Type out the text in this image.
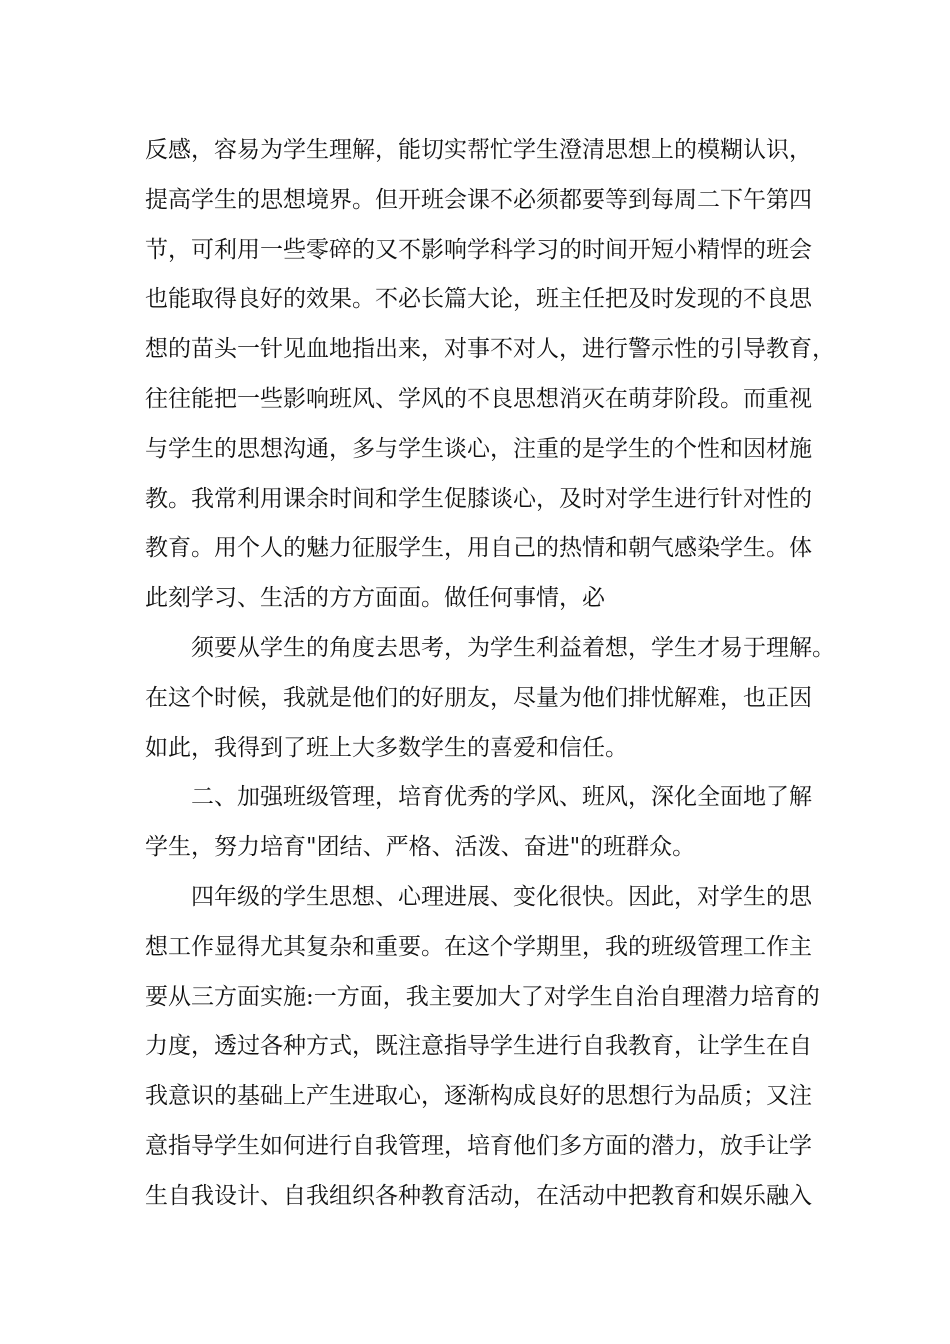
反感，容易为学生理解，能切实帮忙学生澄清思想上的模糊认识，
提高学生的思想境界。但开班会课不必须都要等到每周二下午第四
节，可利用一些零碎的又不影响学科学习的时间开短小精悍的班会
也能取得良好的效果。不必长篇大论，班主任把及时发现的不良思
想的苗头一针见血地指出来，对事不对人，进行警示性的引导教育，
往往能把一些影响班风、学风的不良思想消灭在萌芽阶段。而重视
与学生的思想沟通，多与学生谈心，注重的是学生的个性和因材施
教。我常利用课余时间和学生促膝谈心，及时对学生进行针对性的
教育。用个人的魅力征服学生，用自己的热情和朝气感染学生。体
此刻学习、生活的方方面面。做任何事情，必
须要从学生的角度去思考，为学生利益着想，学生才易于理解。
在这个时候，我就是他们的好朋友，尽量为他们排忧解难，也正因
如此，我得到了班上大多数学生的喜爱和信任。
二、加强班级管理，培育优秀的学风、班风，深化全面地了解
学生，努力培育"团结、严格、活泼、奋进"的班群众。
四年级的学生思想、心理进展、变化很快。因此，对学生的思
想工作显得尤其复杂和重要。在这个学期里，我的班级管理工作主
要从三方面实施:一方面，我主要加大了对学生自治自理潜力培育的
力度，透过各种方式，既注意指导学生进行自我教育，让学生在自
我意识的基础上产生进取心，逐渐构成良好的思想行为品质；又注
意指导学生如何进行自我管理，培育他们多方面的潜力，放手让学
生自我设计、自我组织各种教育活动，在活动中把教育和娱乐融入
